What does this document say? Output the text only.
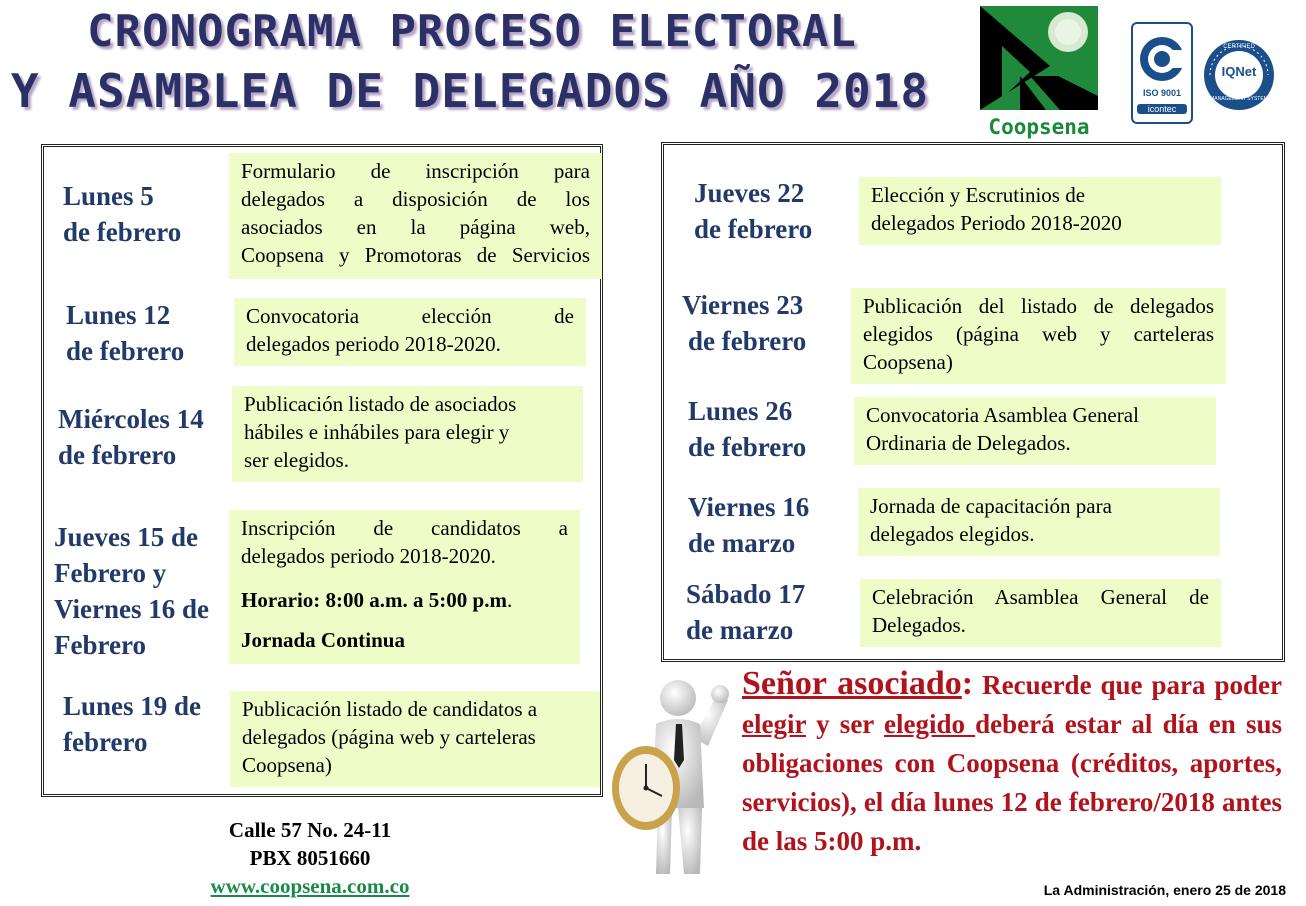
CRONOGRAMA PROCESO ELECTORAL
Y ASAMBLEA DE DELEGADOS AÑO 2018
Coopsena
ISO 9001
icontec
IQNet
CERTIFIED
MANAGEMENT SYSTEM
Lunes 5
de febrero
Formulario de inscripción para
delegados a disposición de los
asociados en la página web,
Coopsena y Promotoras de Servicios
Lunes 12
de febrero
Convocatoria elección de
delegados periodo 2018-2020.
Miércoles 14
de febrero
Publicación listado de asociados
hábiles e inhábiles para elegir y
ser elegidos.
Jueves 15 de
Febrero y
Viernes 16 de
Febrero
Inscripción de candidatos a
delegados periodo 2018-2020.
Horario: 8:00 a.m. a 5:00 p.m.
Jornada Continua
Lunes 19 de
febrero
Publicación listado de candidatos a
delegados (página web y carteleras
Coopsena)
Jueves 22
de febrero
Elección y Escrutinios de
delegados Periodo 2018-2020
Viernes 23
de febrero
Publicación del listado de delegados
elegidos (página web y carteleras
Coopsena)
Lunes 26
de febrero
Convocatoria Asamblea General
Ordinaria de Delegados.
Viernes 16
de marzo
Jornada de capacitación para
delegados elegidos.
Sábado 17
de marzo
Celebración Asamblea General de
Delegados.
Señor asociado: Recuerde que para poder elegir y ser elegido deberá estar al día en sus obligaciones con Coopsena (créditos, aportes, servicios), el día lunes 12 de febrero/2018 antes de las 5:00 p.m.
Calle 57 No. 24-11
PBX 8051660
www.coopsena.com.co	La Administración, enero 25 de 2018
